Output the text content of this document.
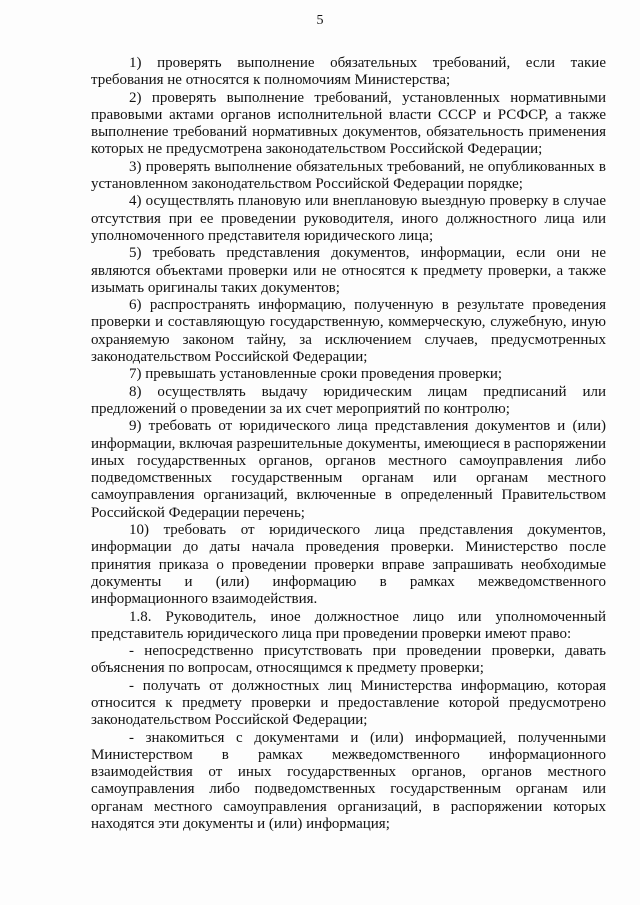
5

1) проверять выполнение обязательных требований, если такие требования не относятся к полномочиям Министерства;

2) проверять выполнение требований, установленных нормативными правовыми актами органов исполнительной власти СССР и РСФСР, а также выполнение требований нормативных документов, обязательность применения которых не предусмотрена законодательством Российской Федерации;

3) проверять выполнение обязательных требований, не опубликованных в установленном законодательством Российской Федерации порядке;

4) осуществлять плановую или внеплановую выездную проверку в случае отсутствия при ее проведении руководителя, иного должностного лица или уполномоченного представителя юридического лица;

5) требовать представления документов, информации, если они не являются объектами проверки или не относятся к предмету проверки, а также изымать оригиналы таких документов;

6) распространять информацию, полученную в результате проведения проверки и составляющую государственную, коммерческую, служебную, иную охраняемую законом тайну, за исключением случаев, предусмотренных законодательством Российской Федерации;

7) превышать установленные сроки проведения проверки;

8) осуществлять выдачу юридическим лицам предписаний или предложений о проведении за их счет мероприятий по контролю;

9) требовать от юридического лица представления документов и (или) информации, включая разрешительные документы, имеющиеся в распоряжении иных государственных органов, органов местного самоуправления либо подведомственных государственным органам или органам местного самоуправления организаций, включенные в определенный Правительством Российской Федерации перечень;

10) требовать от юридического лица представления документов, информации до даты начала проведения проверки. Министерство после принятия приказа о проведении проверки вправе запрашивать необходимые документы и (или) информацию в рамках межведомственного информационного взаимодействия.

1.8. Руководитель, иное должностное лицо или уполномоченный представитель юридического лица при проведении проверки имеют право:

- непосредственно присутствовать при проведении проверки, давать объяснения по вопросам, относящимся к предмету проверки;

- получать от должностных лиц Министерства информацию, которая относится к предмету проверки и предоставление которой предусмотрено законодательством Российской Федерации;

- знакомиться с документами и (или) информацией, полученными Министерством в рамках межведомственного информационного взаимодействия от иных государственных органов, органов местного самоуправления либо подведомственных государственным органам или органам местного самоуправления организаций, в распоряжении которых находятся эти документы и (или) информация;
